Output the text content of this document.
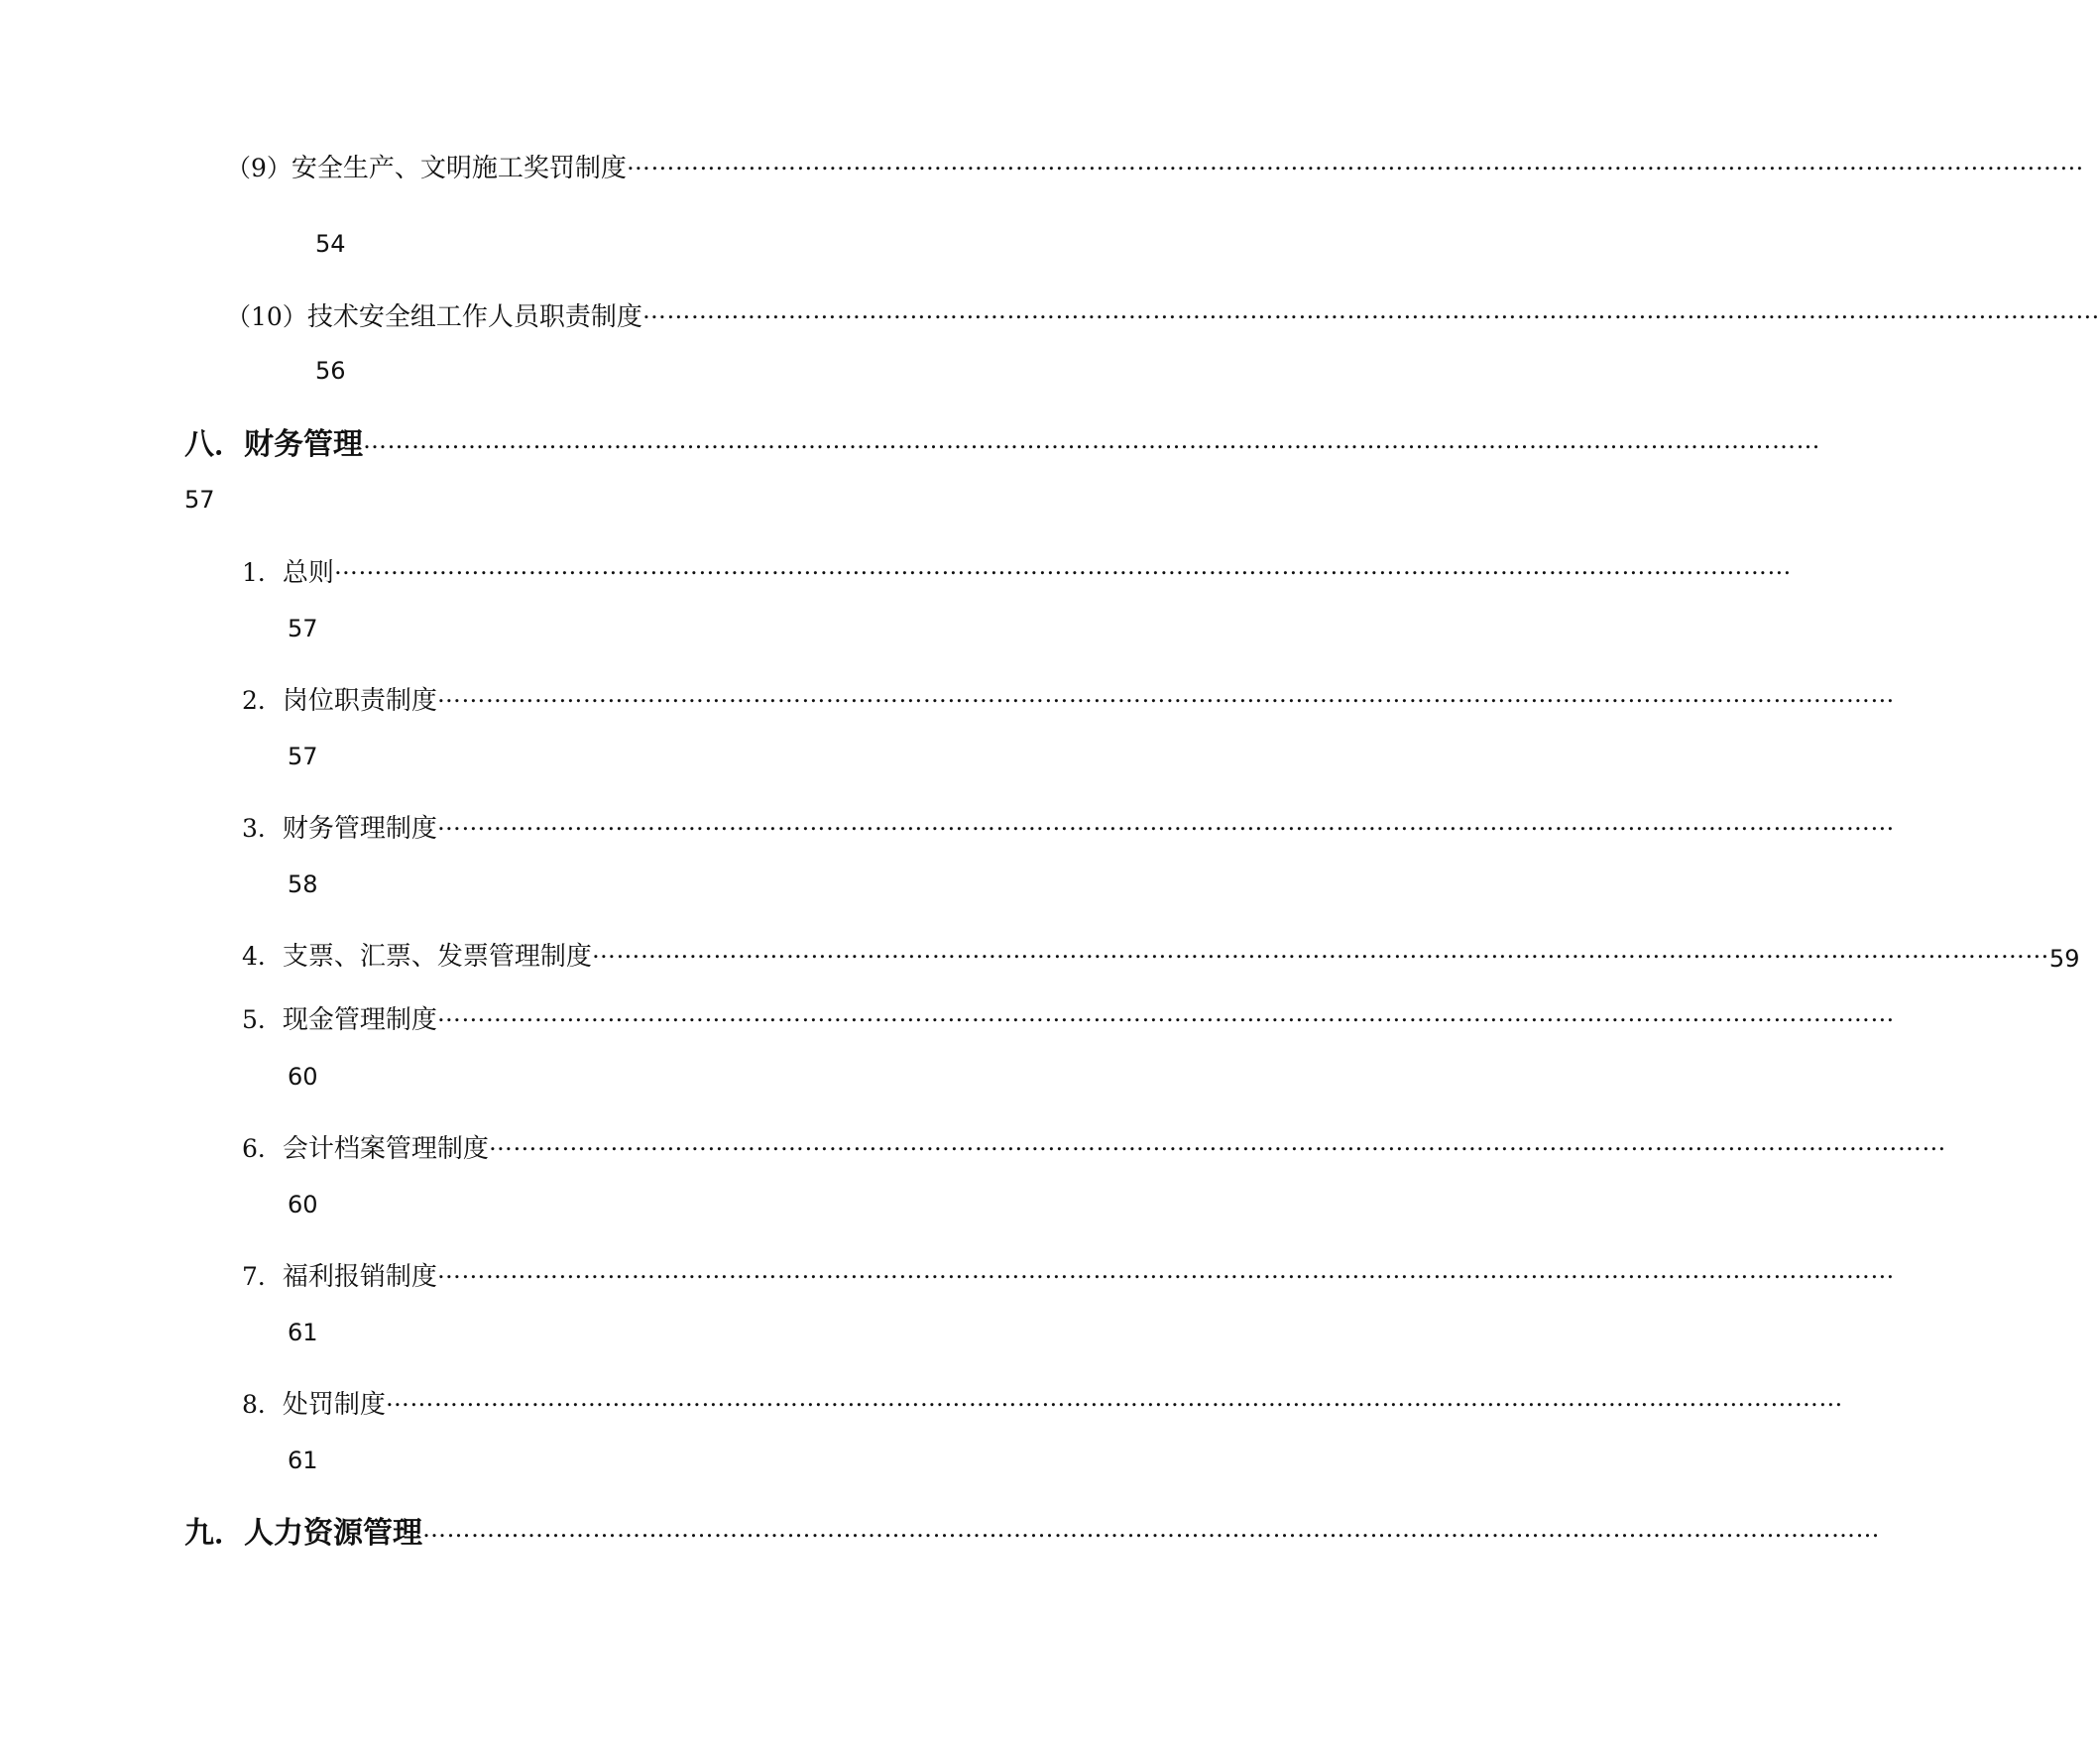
（9） 安全生产、文明施工奖罚制度 ………………………………………………………………………………………………………………………………………………………………
54
（10） 技术安全组工作人员职责制度 ………………………………………………………………………………………………………………………………………………………………
56
八． 财务管理 ………………………………………………………………………………………………………………………………………………………………
57
1． 总则 ………………………………………………………………………………………………………………………………………………………………
57
2． 岗位职责制度 ………………………………………………………………………………………………………………………………………………………………
57
3． 财务管理制度 ………………………………………………………………………………………………………………………………………………………………
58
4． 支票、汇票、发票管理制度 ……………………………………………………………………………………………………………………………………………………………… 59
5． 现金管理制度 ………………………………………………………………………………………………………………………………………………………………
60
6． 会计档案管理制度 ………………………………………………………………………………………………………………………………………………………………
60
7． 福利报销制度 ………………………………………………………………………………………………………………………………………………………………
61
8． 处罚制度 ………………………………………………………………………………………………………………………………………………………………
61
九． 人力资源管理 ………………………………………………………………………………………………………………………………………………………………
